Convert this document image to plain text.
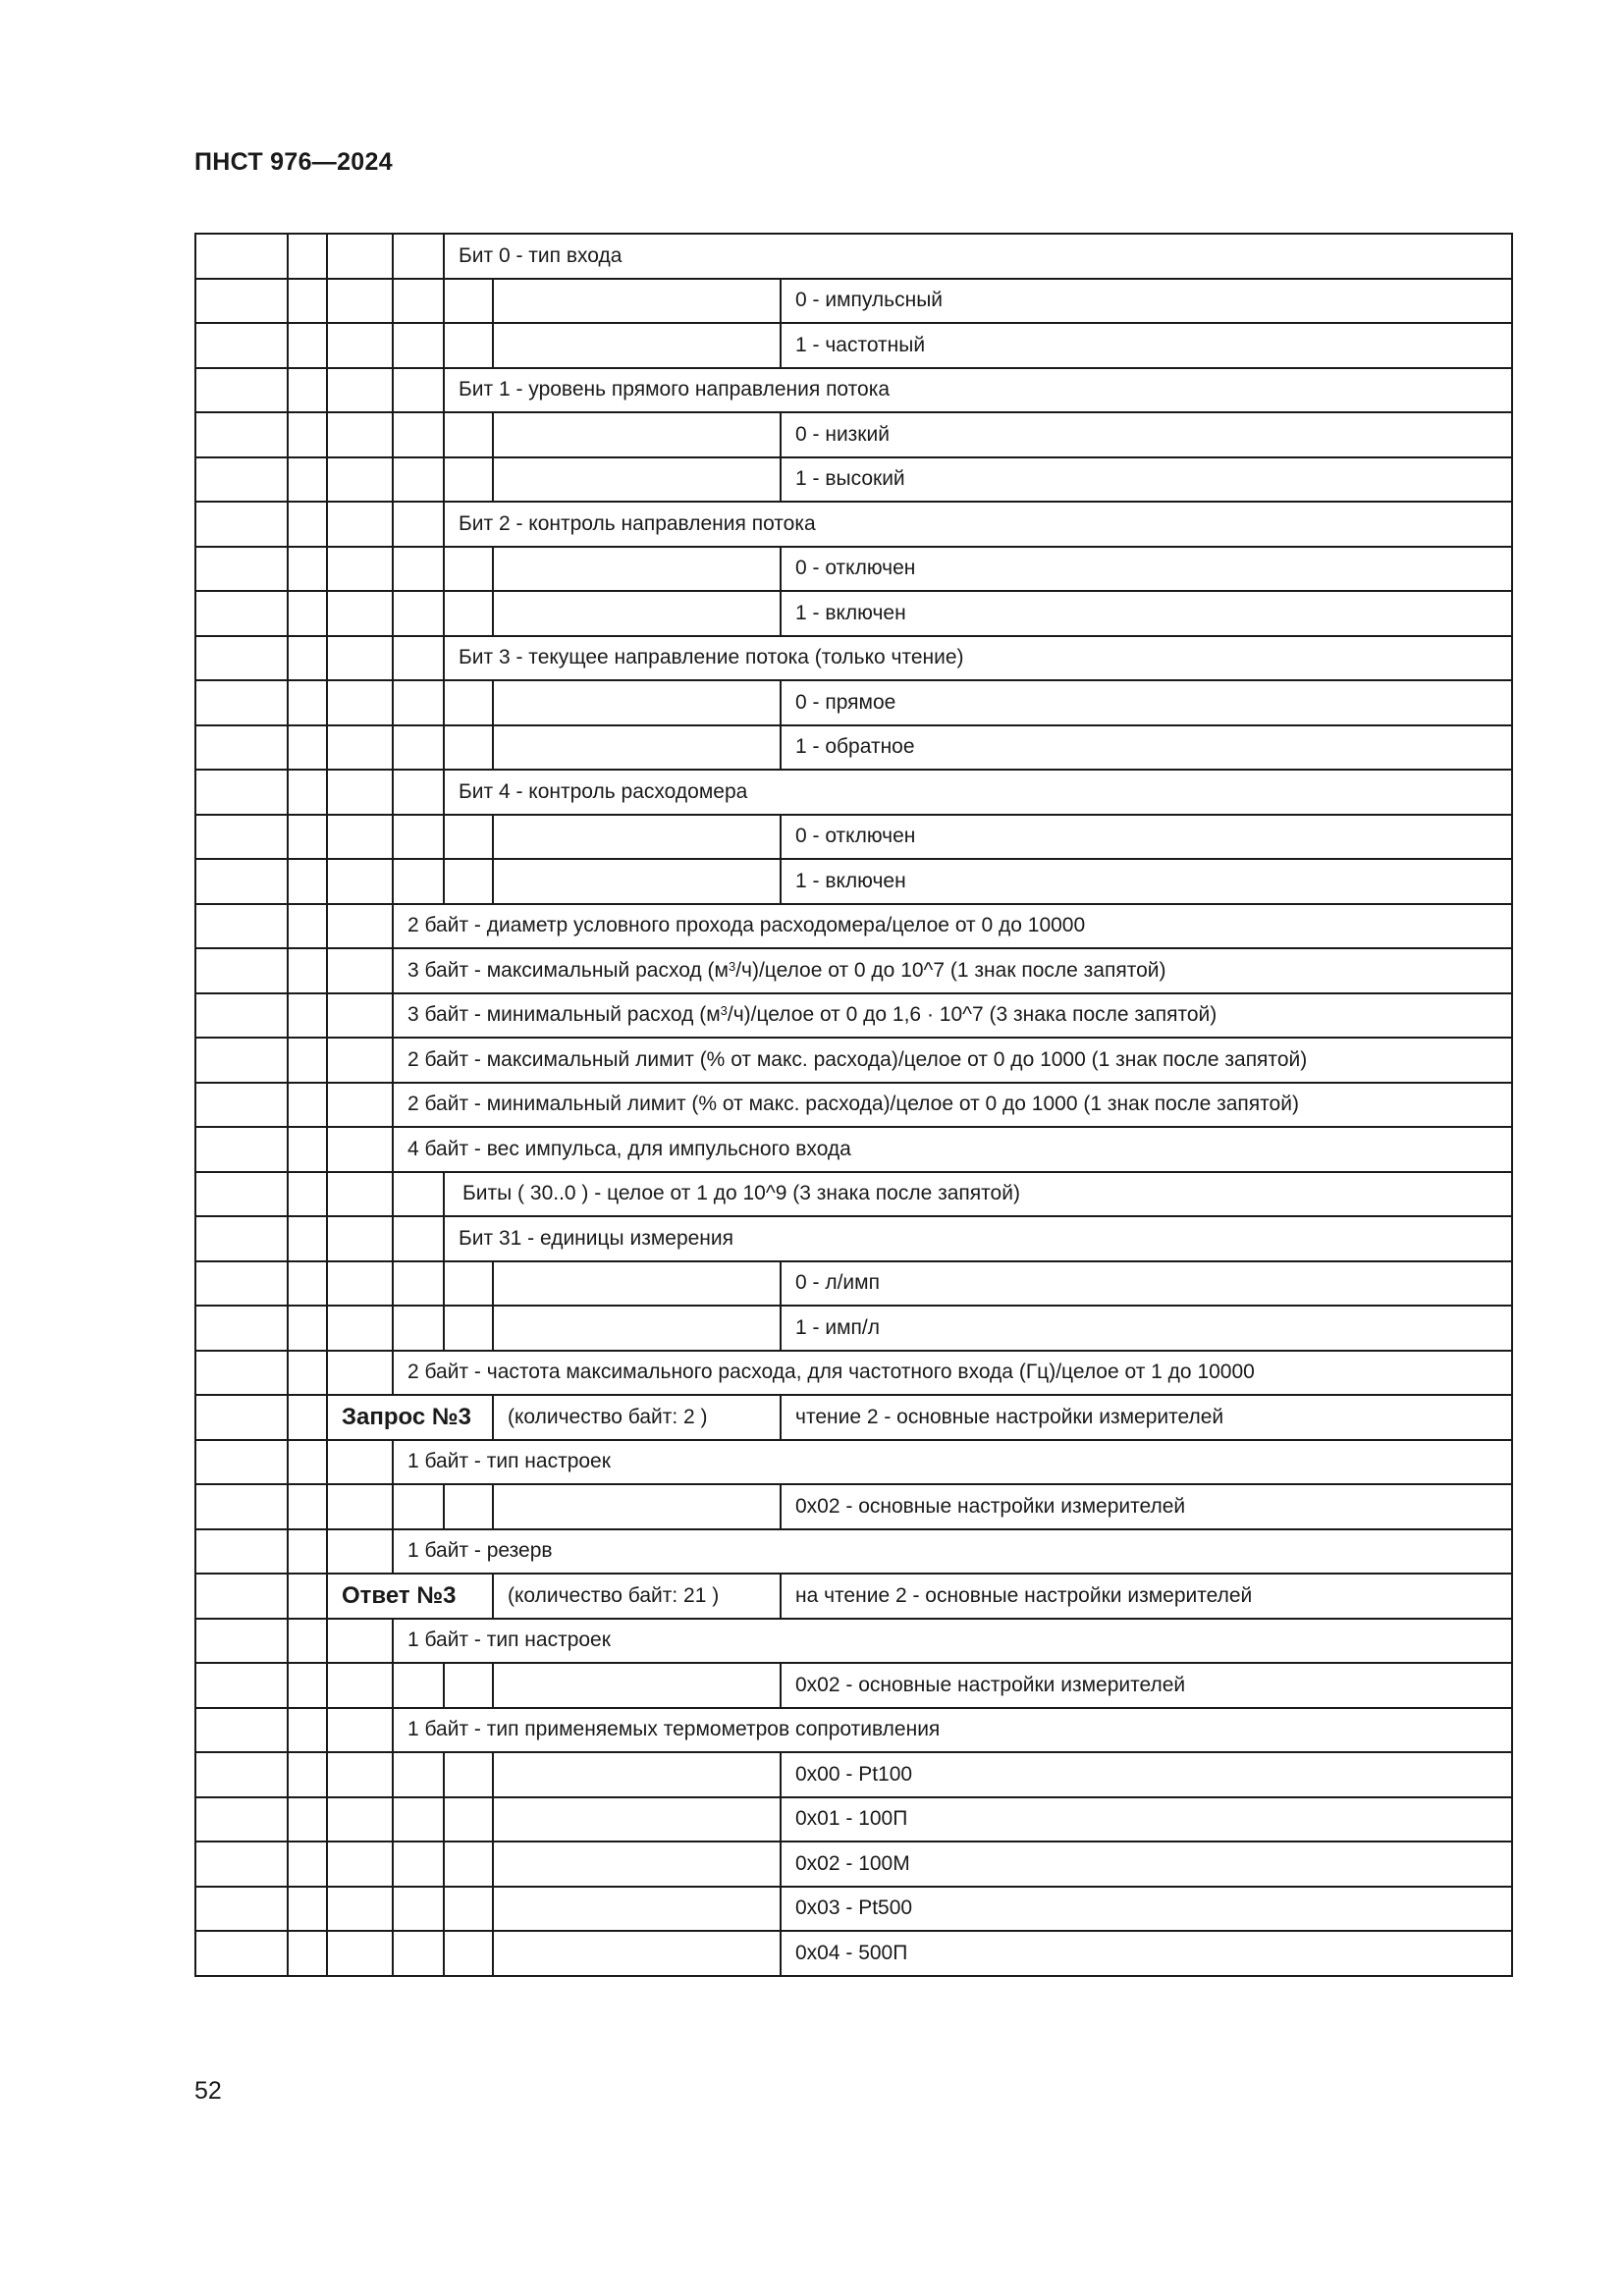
ПНСТ 976—2024
				Бит 0 - тип входа		
						0 - импульсный
						1 - частотный
				Бит 1 - уровень прямого направления потока		
						0 - низкий
						1 - высокий
				Бит 2 - контроль направления потока		
						0 - отключен
						1 - включен
				Бит 3 - текущее направление потока (только чтение)		
						0 - прямое
						1 - обратное
				Бит 4 - контроль расходомера		
						0 - отключен
						1 - включен
			2 байт - диаметр условного прохода расходомера/целое от 0 до 10000			
			3 байт - максимальный расход $(м^3/ч)$/целое от 0 до 10^7 (1 знак после запятой)			
			3 байт - минимальный расход $(м^3/ч)$/целое от 0 до 1,6 · 10^7 (3 знака после запятой)			
			2 байт - максимальный лимит (% от макс. расхода)/целое от 0 до 1000 (1 знак после запятой)			
			2 байт - минимальный лимит (% от макс. расхода)/целое от 0 до 1000 (1 знак после запятой)			
			4 байт - вес импульса, для импульсного входа			
				Биты ( 30..0 ) - целое от 1 до 10^9 (3 знака после запятой)		
				Бит 31 - единицы измерения		
						0 - л/имп
						1 - имп/л
			2 байт - частота максимального расхода, для частотного входа (Гц)/целое от 1 до 10000			
		Запрос №3			(количество байт: 2 )	чтение 2 - основные настройки измерителей
			1 байт - тип настроек			
						0x02 - основные настройки измерителей
			1 байт - резерв			
		Ответ №3			(количество байт: 21 )	на чтение 2 - основные настройки измерителей
			1 байт - тип настроек			
						0x02 - основные настройки измерителей
			1 байт - тип применяемых термометров сопротивления			
						0x00 - Pt100
						0x01 - 100П
						0x02 - 100М
						0x03 - Pt500
						0x04 - 500П
52
